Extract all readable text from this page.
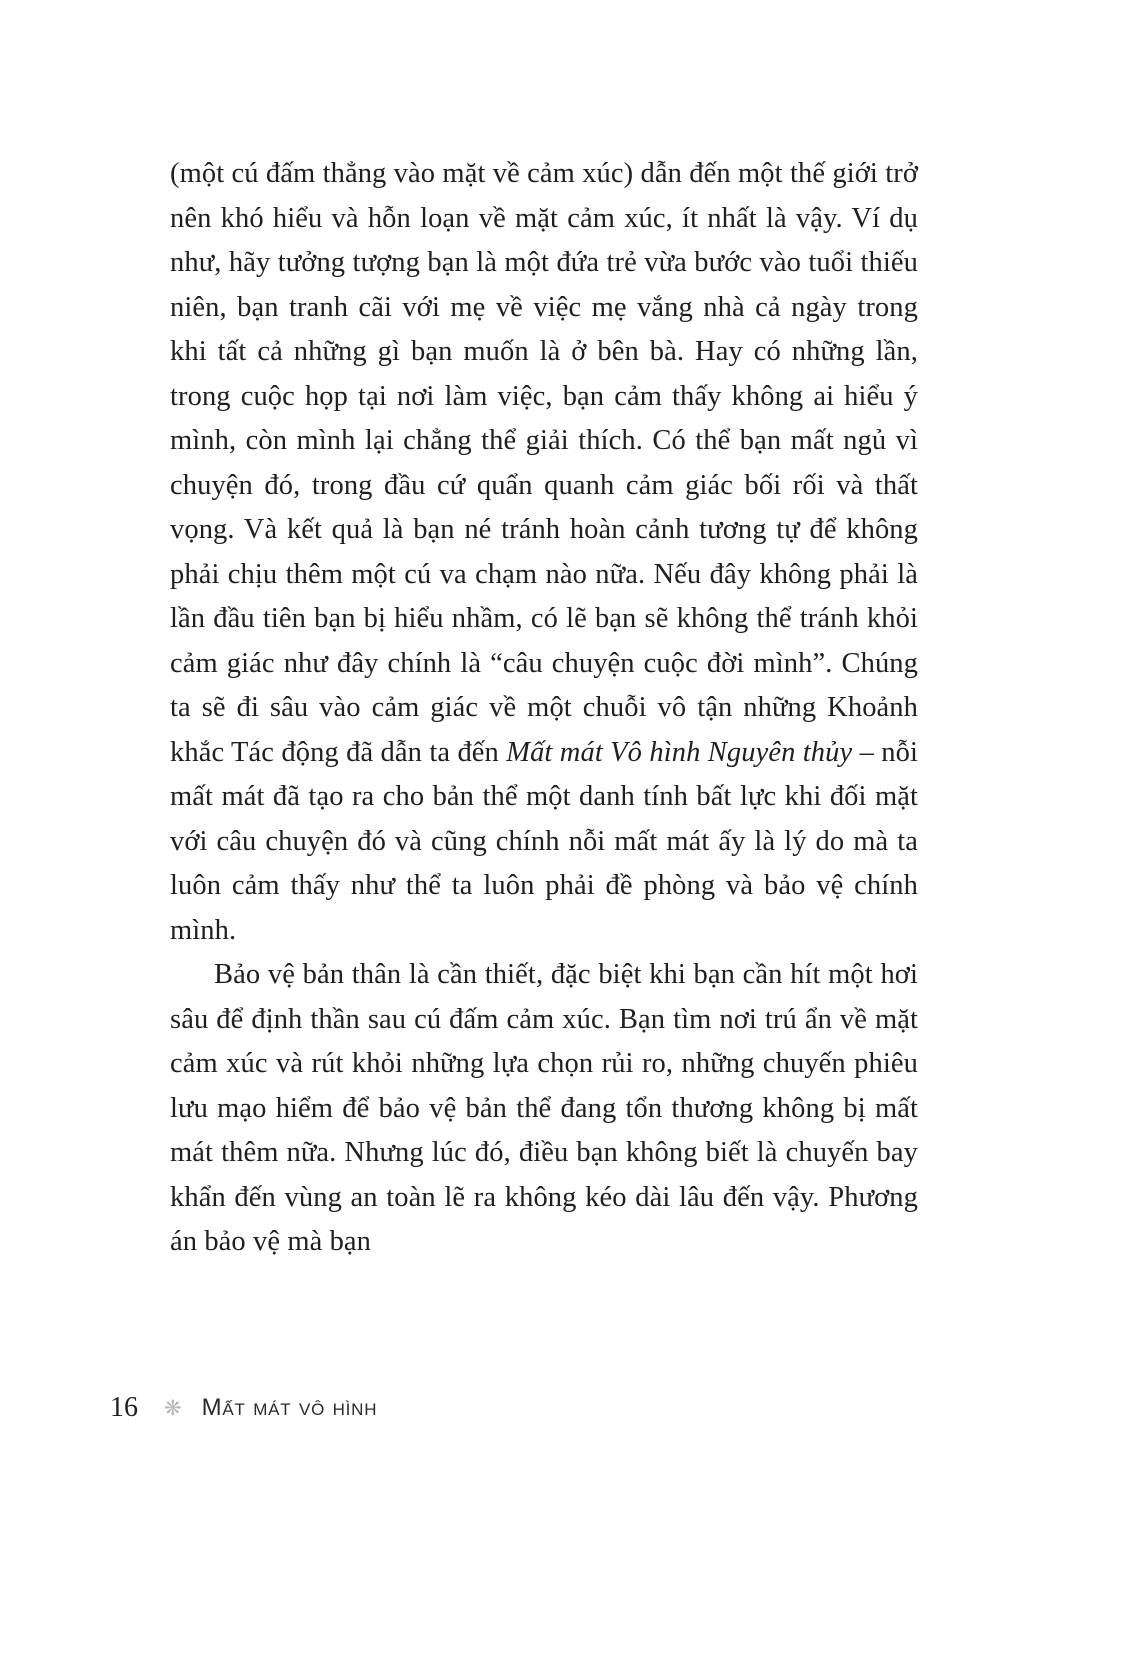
(một cú đấm thẳng vào mặt về cảm xúc) dẫn đến một thế giới trở nên khó hiểu và hỗn loạn về mặt cảm xúc, ít nhất là vậy. Ví dụ như, hãy tưởng tượng bạn là một đứa trẻ vừa bước vào tuổi thiếu niên, bạn tranh cãi với mẹ về việc mẹ vắng nhà cả ngày trong khi tất cả những gì bạn muốn là ở bên bà. Hay có những lần, trong cuộc họp tại nơi làm việc, bạn cảm thấy không ai hiểu ý mình, còn mình lại chẳng thể giải thích. Có thể bạn mất ngủ vì chuyện đó, trong đầu cứ quẩn quanh cảm giác bối rối và thất vọng. Và kết quả là bạn né tránh hoàn cảnh tương tự để không phải chịu thêm một cú va chạm nào nữa. Nếu đây không phải là lần đầu tiên bạn bị hiểu nhầm, có lẽ bạn sẽ không thể tránh khỏi cảm giác như đây chính là “câu chuyện cuộc đời mình”. Chúng ta sẽ đi sâu vào cảm giác về một chuỗi vô tận những Khoảnh khắc Tác động đã dẫn ta đến Mất mát Vô hình Nguyên thủy – nỗi mất mát đã tạo ra cho bản thể một danh tính bất lực khi đối mặt với câu chuyện đó và cũng chính nỗi mất mát ấy là lý do mà ta luôn cảm thấy như thể ta luôn phải đề phòng và bảo vệ chính mình.

Bảo vệ bản thân là cần thiết, đặc biệt khi bạn cần hít một hơi sâu để định thần sau cú đấm cảm xúc. Bạn tìm nơi trú ẩn về mặt cảm xúc và rút khỏi những lựa chọn rủi ro, những chuyến phiêu lưu mạo hiểm để bảo vệ bản thể đang tổn thương không bị mất mát thêm nữa. Nhưng lúc đó, điều bạn không biết là chuyến bay khẩn đến vùng an toàn lẽ ra không kéo dài lâu đến vậy. Phương án bảo vệ mà bạn

16 ❋ Mất mát vô hình
